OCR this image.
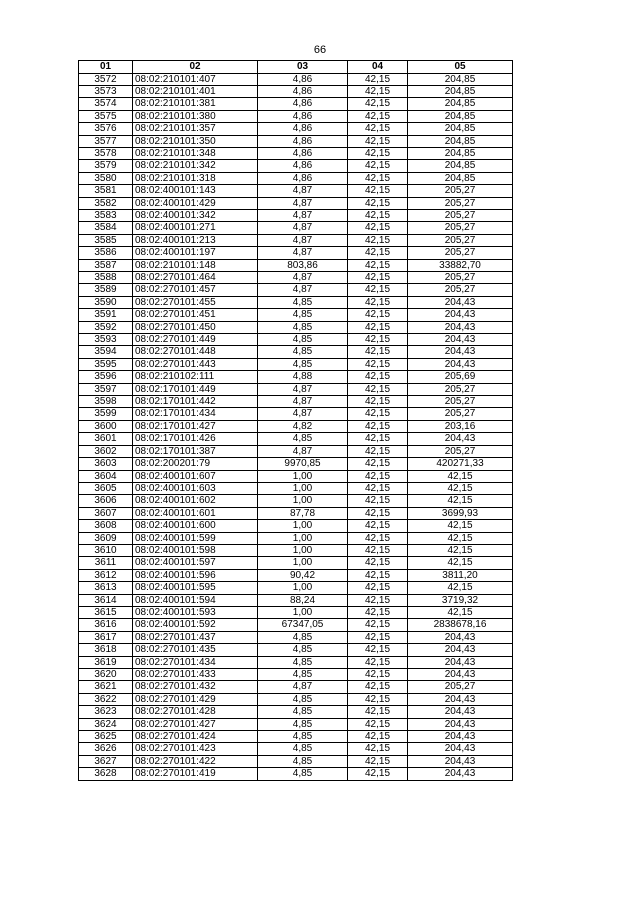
66
01	02	03	04	05
3572	08:02:210101:407	4,86	42,15	204,85
3573	08:02:210101:401	4,86	42,15	204,85
3574	08:02:210101:381	4,86	42,15	204,85
3575	08:02:210101:380	4,86	42,15	204,85
3576	08:02:210101:357	4,86	42,15	204,85
3577	08:02:210101:350	4,86	42,15	204,85
3578	08:02:210101:348	4,86	42,15	204,85
3579	08:02:210101:342	4,86	42,15	204,85
3580	08:02:210101:318	4,86	42,15	204,85
3581	08:02:400101:143	4,87	42,15	205,27
3582	08:02:400101:429	4,87	42,15	205,27
3583	08:02:400101:342	4,87	42,15	205,27
3584	08:02:400101:271	4,87	42,15	205,27
3585	08:02:400101:213	4,87	42,15	205,27
3586	08:02:400101:197	4,87	42,15	205,27
3587	08:02:210101:148	803,86	42,15	33882,70
3588	08:02:270101:464	4,87	42,15	205,27
3589	08:02:270101:457	4,87	42,15	205,27
3590	08:02:270101:455	4,85	42,15	204,43
3591	08:02:270101:451	4,85	42,15	204,43
3592	08:02:270101:450	4,85	42,15	204,43
3593	08:02:270101:449	4,85	42,15	204,43
3594	08:02:270101:448	4,85	42,15	204,43
3595	08:02:270101:443	4,85	42,15	204,43
3596	08:02:210102:111	4,88	42,15	205,69
3597	08:02:170101:449	4,87	42,15	205,27
3598	08:02:170101:442	4,87	42,15	205,27
3599	08:02:170101:434	4,87	42,15	205,27
3600	08:02:170101:427	4,82	42,15	203,16
3601	08:02:170101:426	4,85	42,15	204,43
3602	08:02:170101:387	4,87	42,15	205,27
3603	08:02:200201:79	9970,85	42,15	420271,33
3604	08:02:400101:607	1,00	42,15	42,15
3605	08:02:400101:603	1,00	42,15	42,15
3606	08:02:400101:602	1,00	42,15	42,15
3607	08:02:400101:601	87,78	42,15	3699,93
3608	08:02:400101:600	1,00	42,15	42,15
3609	08:02:400101:599	1,00	42,15	42,15
3610	08:02:400101:598	1,00	42,15	42,15
3611	08:02:400101:597	1,00	42,15	42,15
3612	08:02:400101:596	90,42	42,15	3811,20
3613	08:02:400101:595	1,00	42,15	42,15
3614	08:02:400101:594	88,24	42,15	3719,32
3615	08:02:400101:593	1,00	42,15	42,15
3616	08:02:400101:592	67347,05	42,15	2838678,16
3617	08:02:270101:437	4,85	42,15	204,43
3618	08:02:270101:435	4,85	42,15	204,43
3619	08:02:270101:434	4,85	42,15	204,43
3620	08:02:270101:433	4,85	42,15	204,43
3621	08:02:270101:432	4,87	42,15	205,27
3622	08:02:270101:429	4,85	42,15	204,43
3623	08:02:270101:428	4,85	42,15	204,43
3624	08:02:270101:427	4,85	42,15	204,43
3625	08:02:270101:424	4,85	42,15	204,43
3626	08:02:270101:423	4,85	42,15	204,43
3627	08:02:270101:422	4,85	42,15	204,43
3628	08:02:270101:419	4,85	42,15	204,43
